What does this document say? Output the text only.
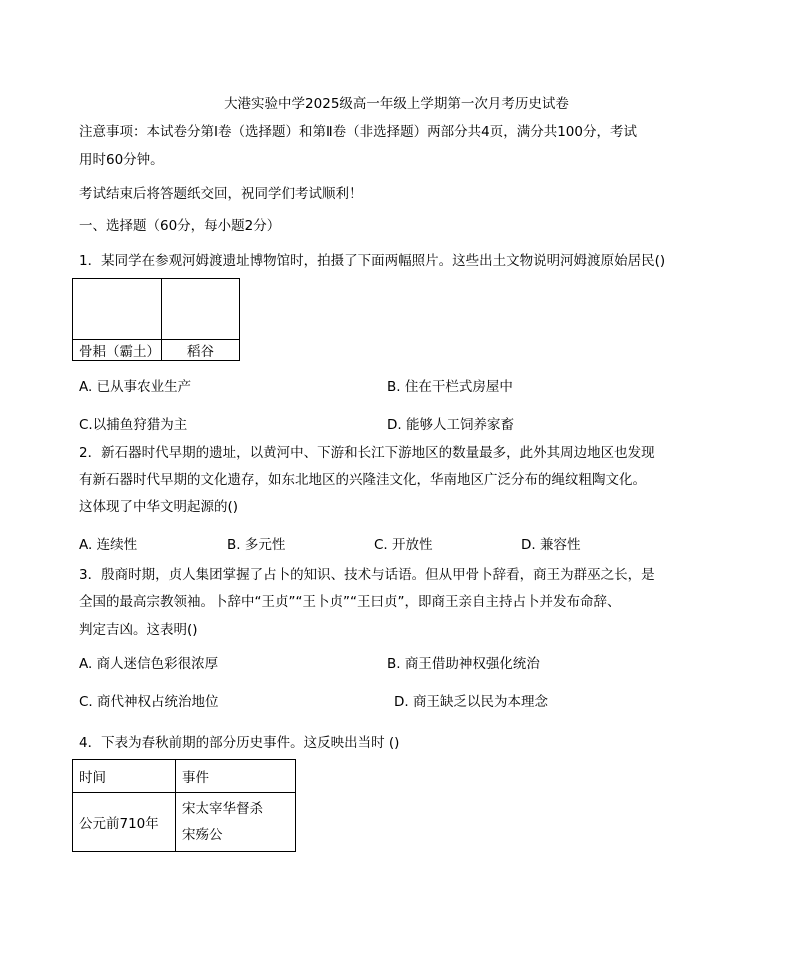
大港实验中学2025级高一年级上学期第一次月考历史试卷
注意事项：本试卷分第Ⅰ卷（选择题）和第Ⅱ卷（非选择题）两部分共4页，满分共100分，考试
用时60分钟。
考试结束后将答题纸交回，祝同学们考试顺利！
一、选择题（60分，每小题2分）
1．某同学在参观河姆渡遗址博物馆时，拍摄了下面两幅照片。这些出土文物说明河姆渡原始居民()

骨耜（霸土）	稻谷
A. 已从事农业生产	B. 住在干栏式房屋中
C.以捕鱼狩猎为主	D. 能够人工饲养家畜
2．新石器时代早期的遗址，以黄河中、下游和长江下游地区的数量最多，此外其周边地区也发现
有新石器时代早期的文化遗存，如东北地区的兴隆洼文化，华南地区广泛分布的绳纹粗陶文化。
这体现了中华文明起源的()
A. 连续性	B. 多元性	C. 开放性	D. 兼容性
3．殷商时期，贞人集团掌握了占卜的知识、技术与话语。但从甲骨卜辞看，商王为群巫之长，是
全国的最高宗教领袖。卜辞中“王贞”“王卜贞”“王曰贞”，即商王亲自主持占卜并发布命辞、
判定吉凶。这表明()
A. 商人迷信色彩很浓厚	B. 商王借助神权强化统治
C. 商代神权占统治地位	D. 商王缺乏以民为本理念
4．下表为春秋前期的部分历史事件。这反映出当时 ()
时间	事件
公元前710年	宋太宰华督杀
宋殇公
